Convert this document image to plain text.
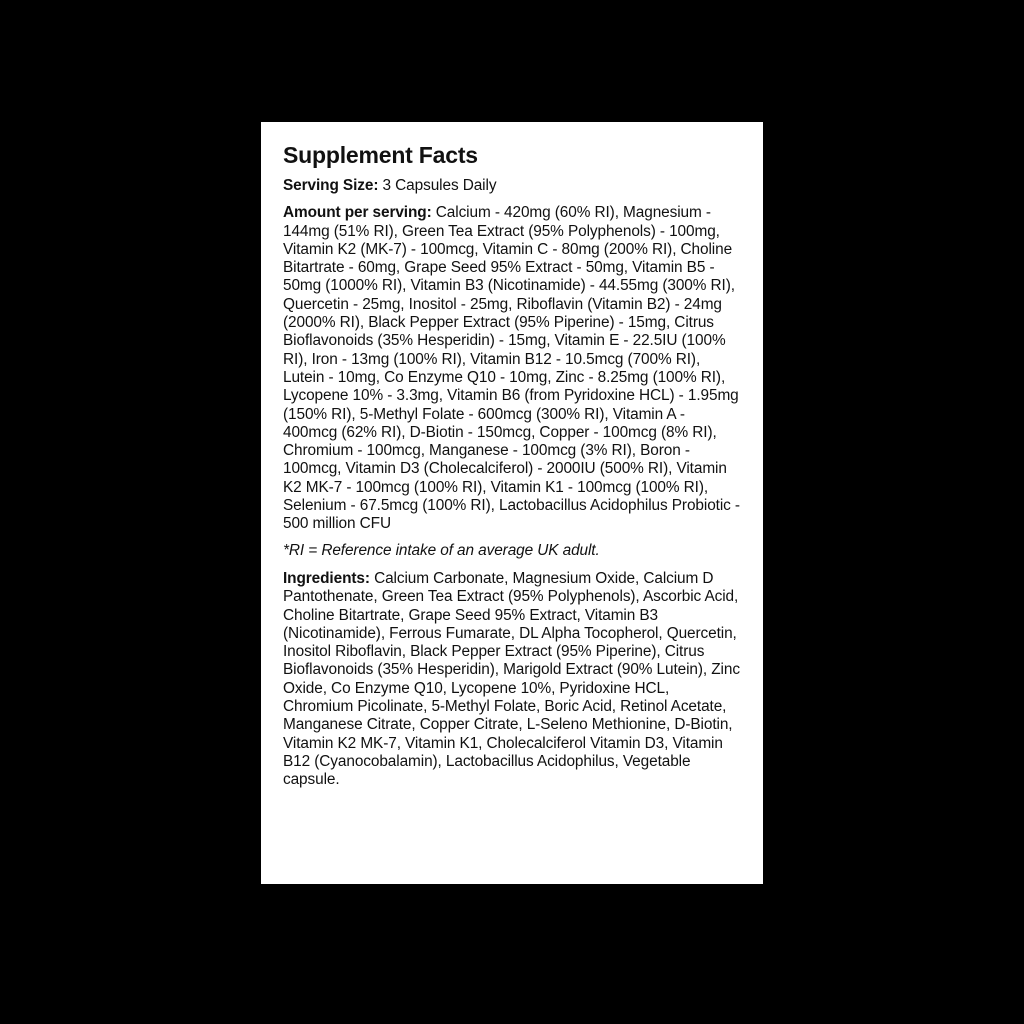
Supplement Facts

Serving Size: 3 Capsules Daily

Amount per serving: Calcium - 420mg (60% RI), Magnesium - 144mg (51% RI), Green Tea Extract (95% Polyphenols) - 100mg, Vitamin K2 (MK-7) - 100mcg, Vitamin C - 80mg (200% RI), Choline Bitartrate - 60mg, Grape Seed 95% Extract - 50mg, Vitamin B5 - 50mg (1000% RI), Vitamin B3 (Nicotinamide) - 44.55mg (300% RI), Quercetin - 25mg, Inositol - 25mg, Riboflavin (Vitamin B2) - 24mg (2000% RI), Black Pepper Extract (95% Piperine) - 15mg, Citrus Bioflavonoids (35% Hesperidin) - 15mg, Vitamin E - 22.5IU (100% RI), Iron - 13mg (100% RI), Vitamin B12 - 10.5mcg (700% RI), Lutein - 10mg, Co Enzyme Q10 - 10mg, Zinc - 8.25mg (100% RI), Lycopene 10% - 3.3mg, Vitamin B6 (from Pyridoxine HCL) - 1.95mg (150% RI), 5-Methyl Folate - 600mcg (300% RI), Vitamin A - 400mcg (62% RI), D-Biotin - 150mcg, Copper - 100mcg (8% RI), Chromium - 100mcg, Manganese - 100mcg (3% RI), Boron - 100mcg, Vitamin D3 (Cholecalciferol) - 2000IU (500% RI), Vitamin K2 MK-7 - 100mcg (100% RI), Vitamin K1 - 100mcg (100% RI), Selenium - 67.5mcg (100% RI), Lactobacillus Acidophilus Probiotic - 500 million CFU

*RI = Reference intake of an average UK adult.

Ingredients: Calcium Carbonate, Magnesium Oxide, Calcium D Pantothenate, Green Tea Extract (95% Polyphenols), Ascorbic Acid, Choline Bitartrate, Grape Seed 95% Extract, Vitamin B3 (Nicotinamide), Ferrous Fumarate, DL Alpha Tocopherol, Quercetin, Inositol Riboflavin, Black Pepper Extract (95% Piperine), Citrus Bioflavonoids (35% Hesperidin), Marigold Extract (90% Lutein), Zinc Oxide, Co Enzyme Q10, Lycopene 10%, Pyridoxine HCL, Chromium Picolinate, 5-Methyl Folate, Boric Acid, Retinol Acetate, Manganese Citrate, Copper Citrate, L-Seleno Methionine, D-Biotin, Vitamin K2 MK-7, Vitamin K1, Cholecalciferol Vitamin D3, Vitamin B12 (Cyanocobalamin), Lactobacillus Acidophilus, Vegetable capsule.
